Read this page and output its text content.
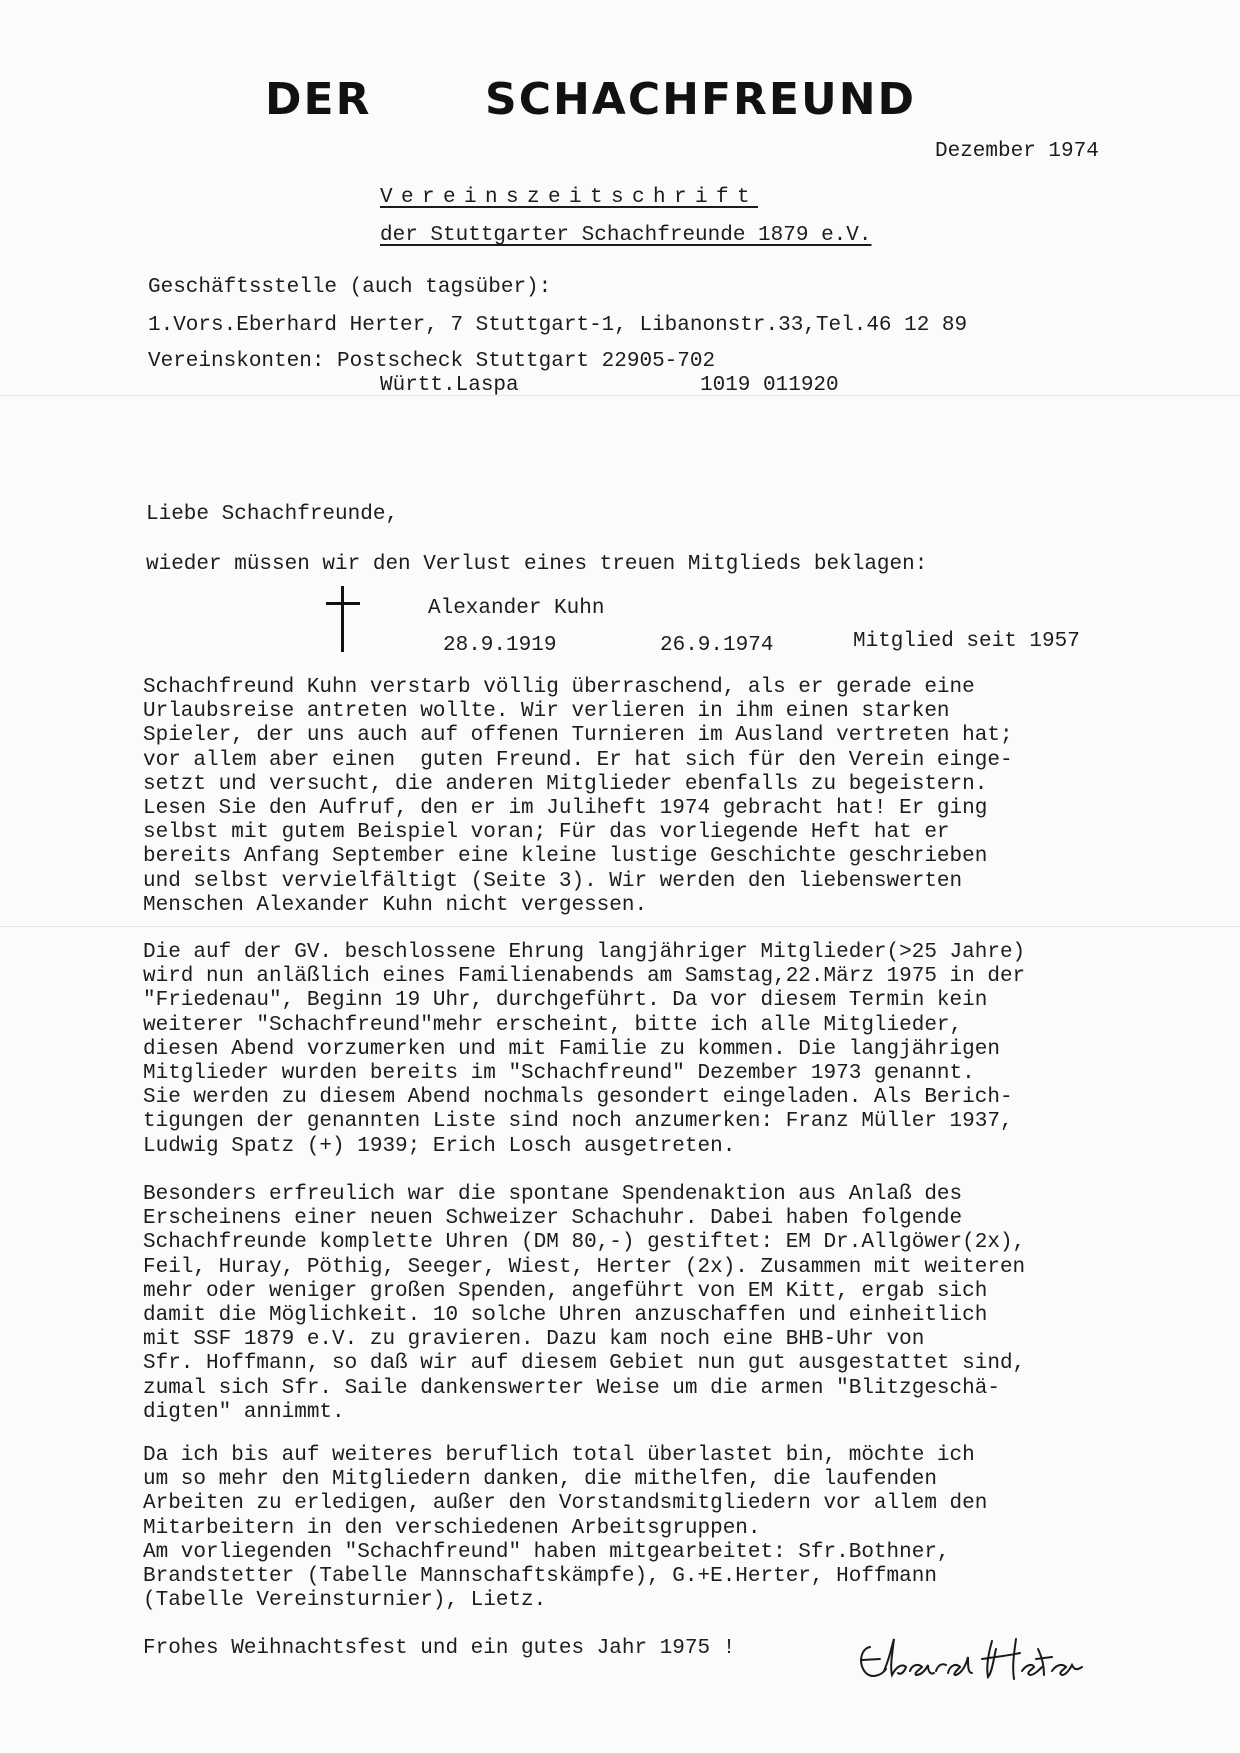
DER	SCHACHFREUND
Dezember 1974
Vereinszeitschrift
der Stuttgarter Schachfreunde 1879 e.V.
Geschäftsstelle (auch tagsüber):
1.Vors.Eberhard Herter, 7 Stuttgart-1, Libanonstr.33,Tel.46 12 89
Vereinskonten: Postscheck Stuttgart 22905-702
Württ.Laspa	1019 011920
Liebe Schachfreunde,
wieder müssen wir den Verlust eines treuen Mitglieds beklagen:
Alexander Kuhn
28.9.1919	26.9.1974	Mitglied seit 1957
Schachfreund Kuhn verstarb völlig überraschend, als er gerade eine
Urlaubsreise antreten wollte. Wir verlieren in ihm einen starken
Spieler, der uns auch auf offenen Turnieren im Ausland vertreten hat;
vor allem aber einen  guten Freund. Er hat sich für den Verein einge-
setzt und versucht, die anderen Mitglieder ebenfalls zu begeistern.
Lesen Sie den Aufruf, den er im Juliheft 1974 gebracht hat! Er ging
selbst mit gutem Beispiel voran; Für das vorliegende Heft hat er
bereits Anfang September eine kleine lustige Geschichte geschrieben
und selbst vervielfältigt (Seite 3). Wir werden den liebenswerten
Menschen Alexander Kuhn nicht vergessen.
Die auf der GV. beschlossene Ehrung langjähriger Mitglieder(>25 Jahre)
wird nun anläßlich eines Familienabends am Samstag,22.März 1975 in der
"Friedenau", Beginn 19 Uhr, durchgeführt. Da vor diesem Termin kein
weiterer "Schachfreund"mehr erscheint, bitte ich alle Mitglieder,
diesen Abend vorzumerken und mit Familie zu kommen. Die langjährigen
Mitglieder wurden bereits im "Schachfreund" Dezember 1973 genannt.
Sie werden zu diesem Abend nochmals gesondert eingeladen. Als Berich-
tigungen der genannten Liste sind noch anzumerken: Franz Müller 1937,
Ludwig Spatz (+) 1939; Erich Losch ausgetreten.
Besonders erfreulich war die spontane Spendenaktion aus Anlaß des
Erscheinens einer neuen Schweizer Schachuhr. Dabei haben folgende
Schachfreunde komplette Uhren (DM 80,-) gestiftet: EM Dr.Allgöwer(2x),
Feil, Huray, Pöthig, Seeger, Wiest, Herter (2x). Zusammen mit weiteren
mehr oder weniger großen Spenden, angeführt von EM Kitt, ergab sich
damit die Möglichkeit. 10 solche Uhren anzuschaffen und einheitlich
mit SSF 1879 e.V. zu gravieren. Dazu kam noch eine BHB-Uhr von
Sfr. Hoffmann, so daß wir auf diesem Gebiet nun gut ausgestattet sind,
zumal sich Sfr. Saile dankenswerter Weise um die armen "Blitzgeschä-
digten" annimmt.
Da ich bis auf weiteres beruflich total überlastet bin, möchte ich
um so mehr den Mitgliedern danken, die mithelfen, die laufenden
Arbeiten zu erledigen, außer den Vorstandsmitgliedern vor allem den
Mitarbeitern in den verschiedenen Arbeitsgruppen.
Am vorliegenden "Schachfreund" haben mitgearbeitet: Sfr.Bothner,
Brandstetter (Tabelle Mannschaftskämpfe), G.+E.Herter, Hoffmann
(Tabelle Vereinsturnier), Lietz.
Frohes Weihnachtsfest und ein gutes Jahr 1975 !
